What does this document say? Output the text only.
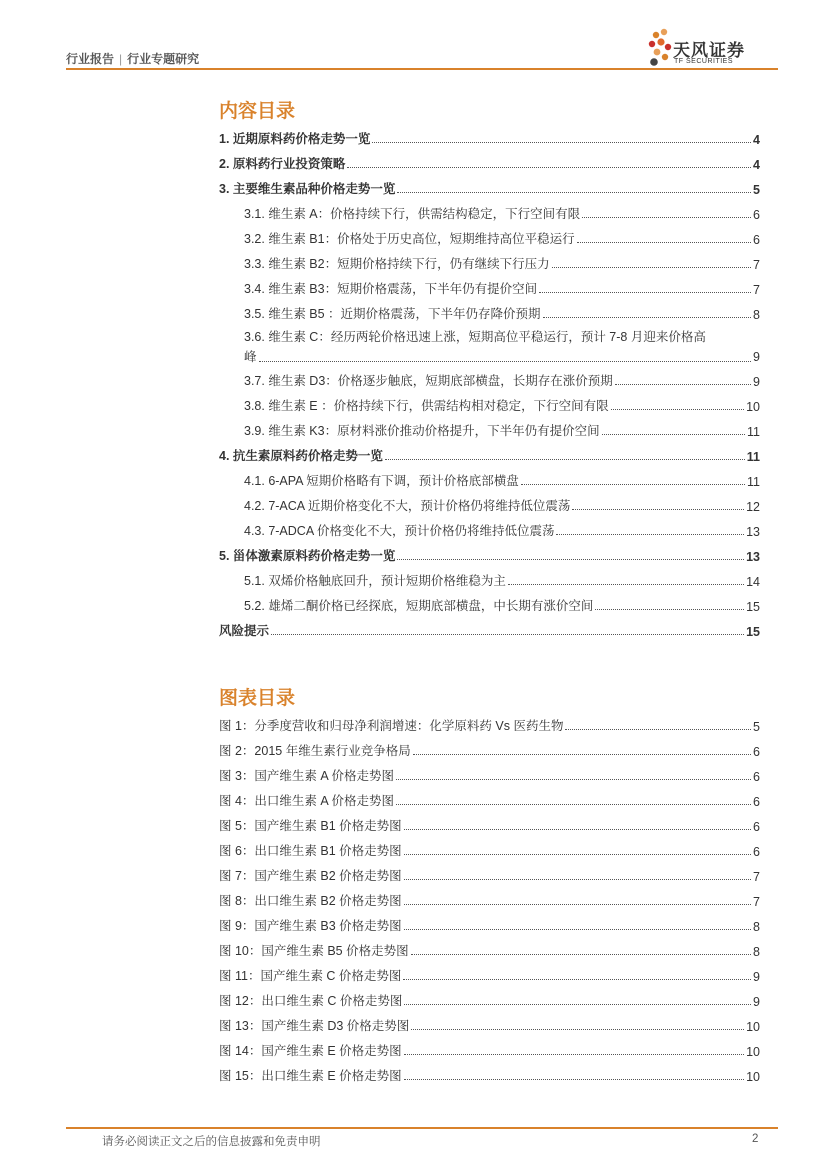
行业报告 | 行业专题研究	天风证券
TF SECURITIES
内容目录
1. 近期原料药价格走势一览	4
2. 原料药行业投资策略	4
3. 主要维生素品种价格走势一览	5
3.1. 维生素 A：价格持续下行，供需结构稳定，下行空间有限	6
3.2. 维生素 B1：价格处于历史高位，短期维持高位平稳运行	6
3.3. 维生素 B2：短期价格持续下行，仍有继续下行压力	7
3.4. 维生素 B3：短期价格震荡，下半年仍有提价空间	7
3.5. 维生素 B5 ：近期价格震荡，下半年仍存降价预期	8
3.6. 维生素 C：经历两轮价格迅速上涨，短期高位平稳运行，预计 7-8 月迎来价格高
峰	9
3.7. 维生素 D3：价格逐步触底，短期底部横盘，长期存在涨价预期	9
3.8. 维生素 E ：价格持续下行，供需结构相对稳定，下行空间有限	10
3.9. 维生素 K3：原材料涨价推动价格提升，下半年仍有提价空间	11
4. 抗生素原料药价格走势一览	11
4.1. 6-APA 短期价格略有下调，预计价格底部横盘	11
4.2. 7-ACA 近期价格变化不大，预计价格仍将维持低位震荡	12
4.3. 7-ADCA 价格变化不大，预计价格仍将维持低位震荡	13
5. 甾体激素原料药价格走势一览	13
5.1. 双烯价格触底回升，预计短期价格维稳为主	14
5.2. 雄烯二酮价格已经探底，短期底部横盘，中长期有涨价空间	15
风险提示	15
图表目录
图 1：分季度营收和归母净利润增速：化学原料药 Vs 医药生物	5
图 2：2015 年维生素行业竞争格局	6
图 3：国产维生素 A 价格走势图	6
图 4：出口维生素 A 价格走势图	6
图 5：国产维生素 B1 价格走势图	6
图 6：出口维生素 B1 价格走势图	6
图 7：国产维生素 B2 价格走势图	7
图 8：出口维生素 B2 价格走势图	7
图 9：国产维生素 B3 价格走势图	8
图 10：国产维生素 B5 价格走势图	8
图 11：国产维生素 C 价格走势图	9
图 12：出口维生素 C 价格走势图	9
图 13：国产维生素 D3 价格走势图	10
图 14：国产维生素 E 价格走势图	10
图 15：出口维生素 E 价格走势图	10
请务必阅读正文之后的信息披露和免责申明	2
